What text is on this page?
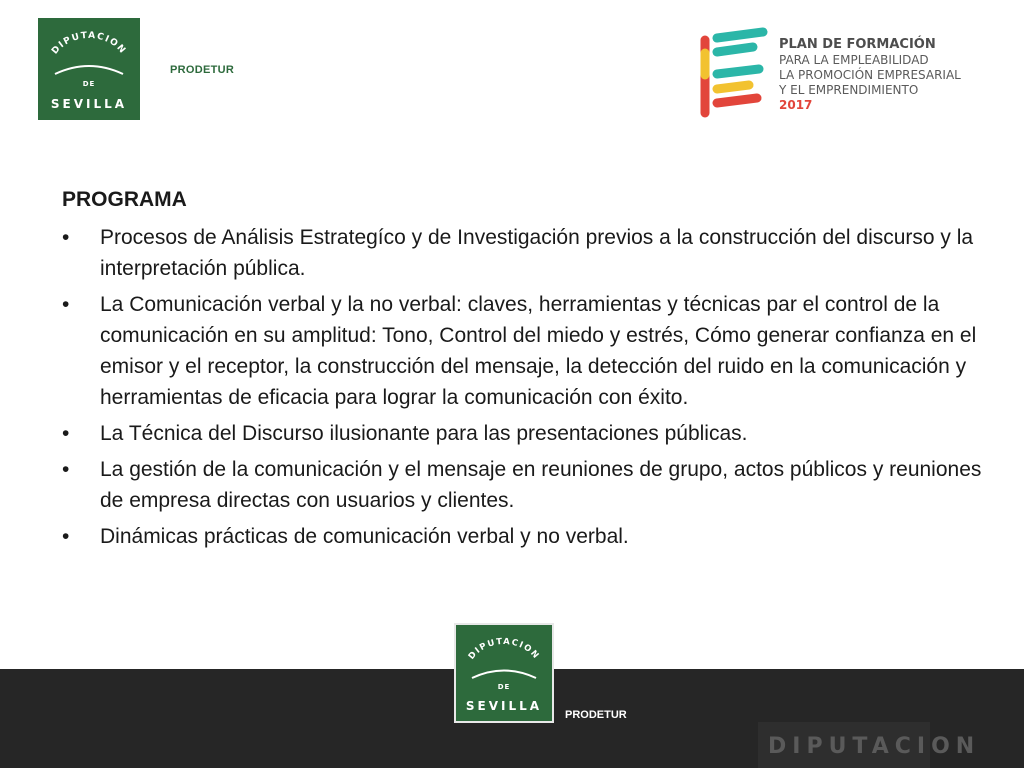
DIPUTACION
DE
SEVILLA
PRODETUR
PLAN DE FORMACIÓN
PARA LA EMPLEABILIDAD
LA PROMOCIÓN EMPRESARIAL
Y EL EMPRENDIMIENTO
2017
PROGRAMA
• Procesos de Análisis Estrategíco y de Investigación previos a la construcción del discurso y la interpretación pública.
• La Comunicación verbal y la no verbal: claves, herramientas y técnicas par el control de la comunicación en su amplitud: Tono, Control del miedo y estrés, Cómo generar confianza en el emisor y el receptor, la construcción del mensaje, la detección del ruido en la comunicación y herramientas de eficacia para lograr la comunicación con éxito.
• La Técnica del Discurso ilusionante para las presentaciones públicas.
• La gestión de la comunicación y el mensaje en reuniones de grupo, actos públicos y reuniones de empresa directas con usuarios y clientes.
• Dinámicas prácticas de comunicación verbal y no verbal.
DIPUTACION
DE
SEVILLA
PRODETUR
DIPUTACION
